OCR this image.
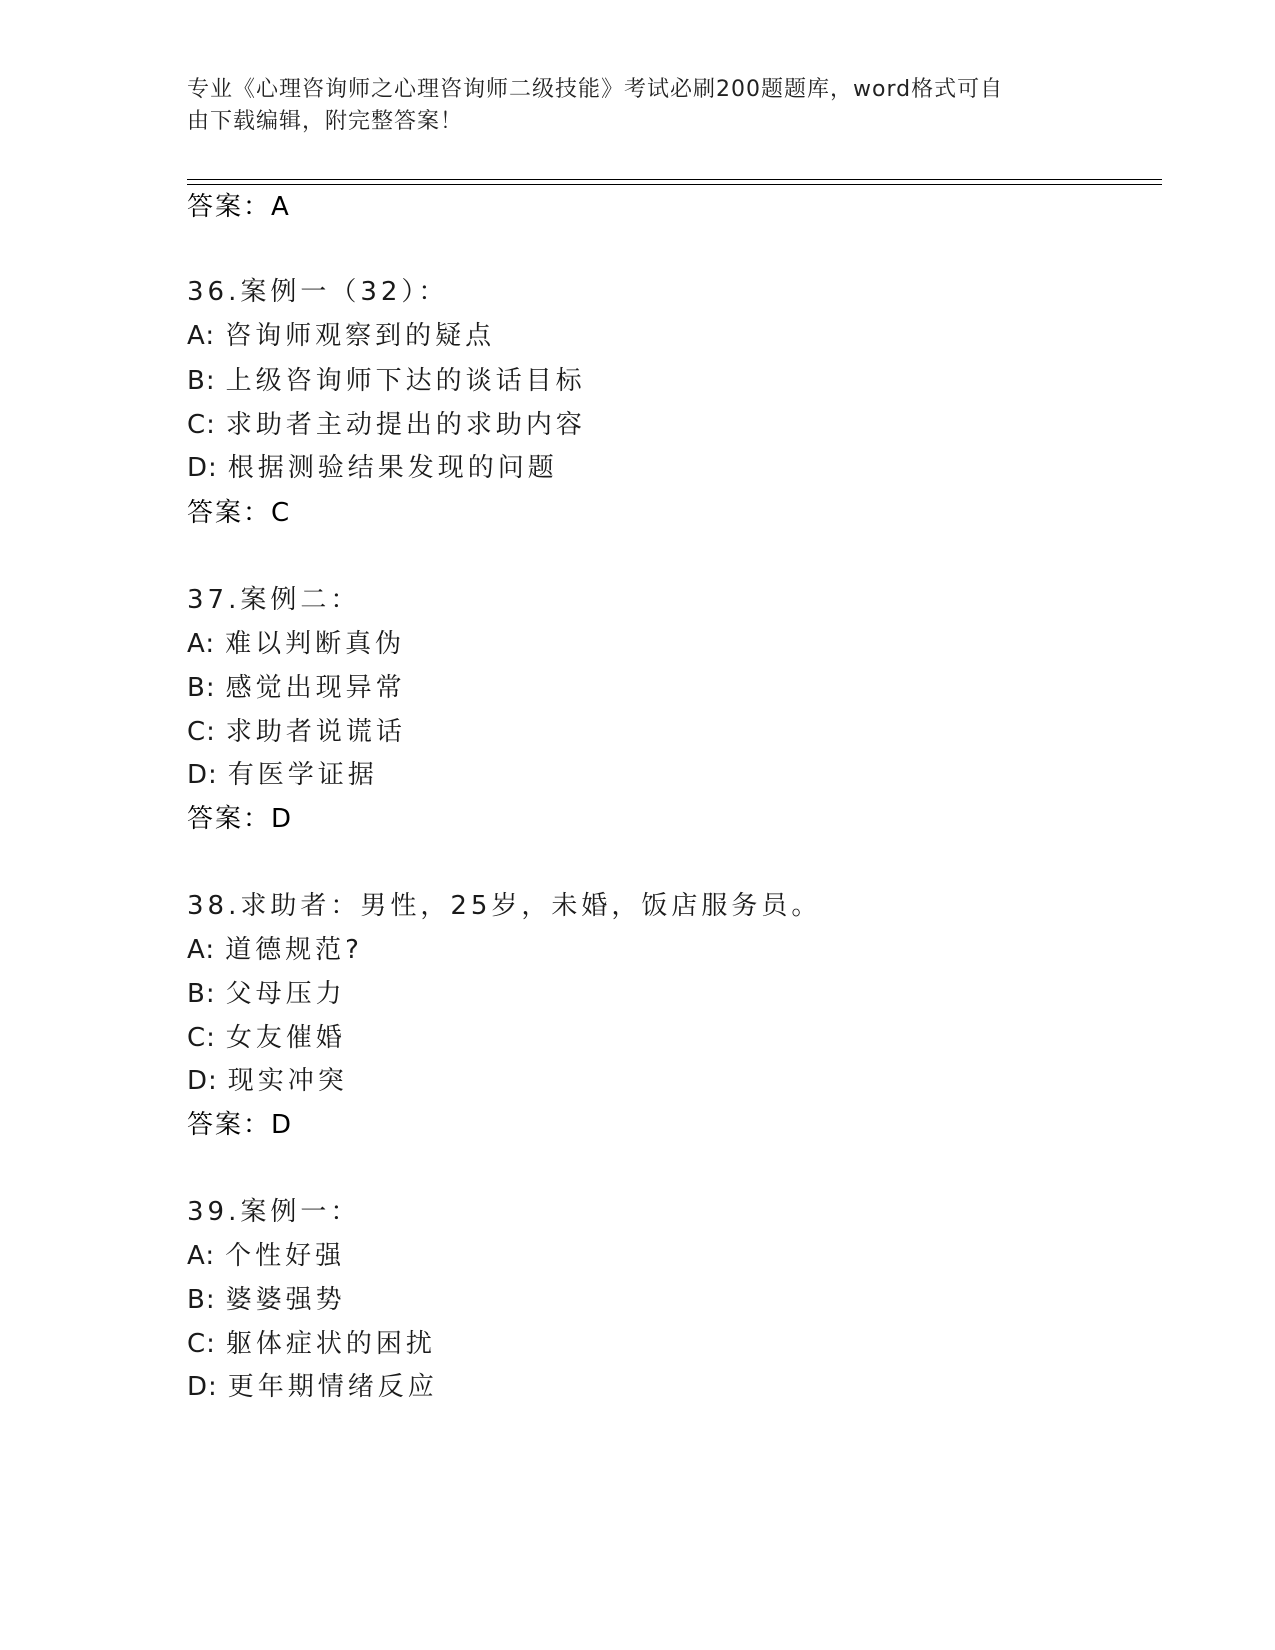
专业《心理咨询师之心理咨询师二级技能》考试必刷200题题库，word格式可自
由下载编辑，附完整答案！
答案：A
36.案例一（32）：
A: 咨询师观察到的疑点
B: 上级咨询师下达的谈话目标
C: 求助者主动提出的求助内容
D: 根据测验结果发现的问题
答案：C
37.案例二：
A: 难以判断真伪
B: 感觉出现异常
C: 求助者说谎话
D: 有医学证据
答案：D
38.求助者：男性，25岁，未婚，饭店服务员。
A: 道德规范?
B: 父母压力
C: 女友催婚
D: 现实冲突
答案：D
39.案例一：
A: 个性好强
B: 婆婆强势
C: 躯体症状的困扰
D: 更年期情绪反应
